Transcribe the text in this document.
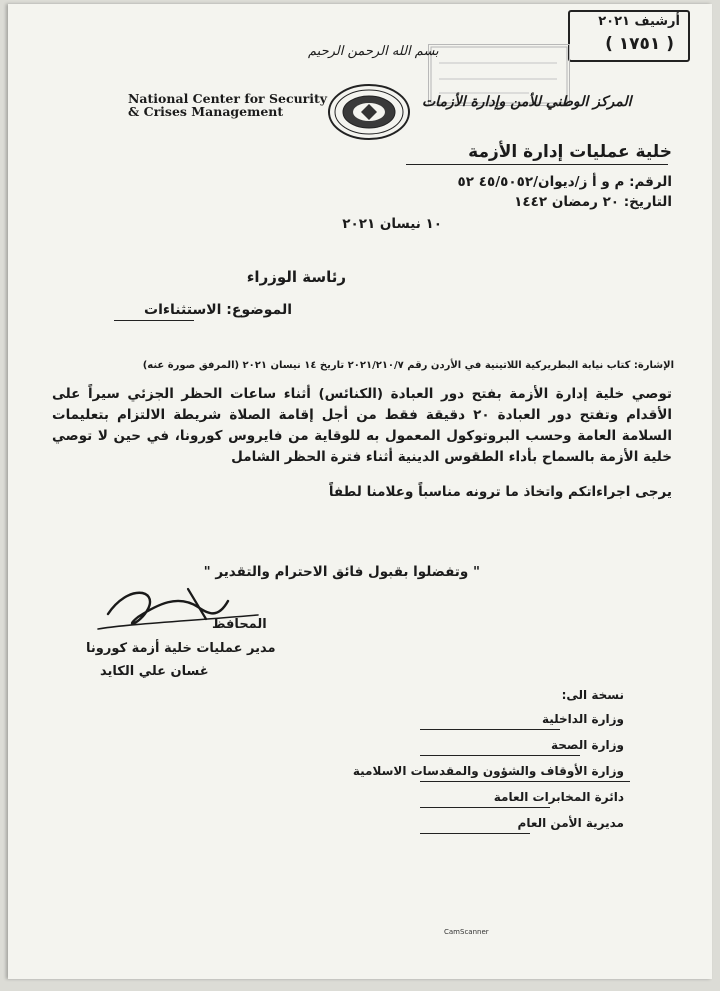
أرشيف ٢٠٢١
( ١٧٥١ )
بسم الله الرحمن الرحيم
National Center for Security
& Crises Management
المركز الوطني للأمن وإدارة الأزمات
خلية عمليات إدارة الأزمة
الرقم: م و أ ز/ديوان/٤٥/٥٠٥٢ ٥٢
التاريخ: ٢٠ رمضان ١٤٤٢
١٠ نيسان ٢٠٢١
رئاسة الوزراء
الموضوع: الاستثناءات
الإشارة: كتاب نيابة البطريركية اللاتينية في الأردن رقم ٢٠٢١/٢١٠/٧ تاريخ ١٤ نيسان ٢٠٢١ (المرفق صورة عنه)
توصي خلية إدارة الأزمة بفتح دور العبادة (الكنائس) أثناء ساعات الحظر الجزئي سيراً على الأقدام وتفتح دور العبادة ٢٠ دقيقة فقط من أجل إقامة الصلاة شريطة الالتزام بتعليمات السلامة العامة وحسب البروتوكول المعمول به للوقاية من فايروس كورونا، في حين لا توصي خلية الأزمة بالسماح بأداء الطقوس الدينية أثناء فترة الحظر الشامل
يرجى اجراءاتكم واتخاذ ما ترونه مناسباً وعلامنا لطفاً
" وتفضلوا بقبول فائق الاحترام والتقدير "
المحافظ
مدير عمليات خلية أزمة كورونا
غسان علي الكايد
نسخة الى:
وزارة الداخلية
وزارة الصحة
وزارة الأوقاف والشؤون والمقدسات الاسلامية
دائرة المخابرات العامة
مديرية الأمن العام
CamScanner
